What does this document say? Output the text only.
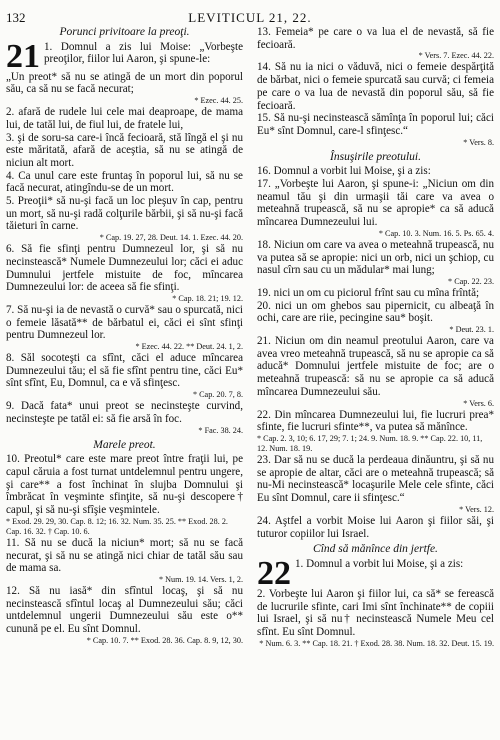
132	LEVITICUL 21, 22.
Porunci privitoare la preoţi.
21 1. Domnul a zis lui Moise: „Vorbeşte preoţilor, fiilor lui Aaron, şi spune-le:

„Un preot* să nu se atingă de un mort din poporul său, ca să nu se facă necurat;

* Ezec. 44. 25.

2. afară de rudele lui cele mai deaproape, de mama lui, de tatăl lui, de fiul lui, de fratele lui,

3. şi de soru-sa care-i încă fecioară, stă lîngă el şi nu este măritată, afară de aceştia, să nu se atingă de niciun alt mort.

4. Ca unul care este fruntaş în poporul lui, să nu se facă necurat, atingîndu-se de un mort.

5. Preoţii* să nu-şi facă un loc pleşuv în cap, pentru un mort, să nu-şi radă colţurile bărbii, şi să nu-şi facă tăieturi în carne.

* Cap. 19. 27, 28. Deut. 14. 1. Ezec. 44. 20.

6. Să fie sfinţi pentru Dumnezeul lor, şi să nu necinstească* Numele Dumnezeului lor; căci ei aduc Dumnului jertfele mistuite de foc, mîncarea Dumnezeului lor: de aceea să fie sfinţi.

* Cap. 18. 21; 19. 12.

7. Să nu-şi ia de nevastă o curvă* sau o spurcată, nici o femeie lăsată** de bărbatul ei, căci ei sînt sfinţi pentru Dumnezeul lor.

* Ezec. 44. 22. ** Deut. 24. 1, 2.

8. Săl socoteşti ca sfînt, căci el aduce mîncarea Dumnezeului tău; el să fie sfînt pentru tine, căci Eu* sînt sfînt, Eu, Domnul, ca e vă sfinţesc.

* Cap. 20. 7, 8.

9. Dacă fata* unui preot se necinsteşte curvind, necinsteşte pe tatăl ei: să fie arsă în foc.

* Fac. 38. 24.
Marele preot.

10. Preotul* care este mare preot între fraţii lui, pe capul căruia a fost turnat untdelemnul pentru ungere, şi care** a fost închinat în slujba Domnului şi îmbrăcat în veşminte sfinţite, să nu-şi descopere† capul, şi să nu-şi sfîşie veşmintele.

* Exod. 29. 29, 30. Cap. 8. 12; 16. 32. Num. 35. 25. ** Exod. 28. 2. Cap. 16. 32. † Cap. 10. 6.

11. Să nu se ducă la niciun* mort; să nu se facă necurat, şi să nu se atingă nici chiar de tatăl său sau de mama sa.

* Num. 19. 14. Vers. 1, 2.

12. Să nu iasă* din sfîntul locaş, şi să nu necinstească sfîntul locaş al Dumnezeului său; căci untdelemnul ungerii Dumnezeului său este o** cunună pe el. Eu sînt Domnul.

* Cap. 10. 7. ** Exod. 28. 36. Cap. 8. 9, 12, 30.

13. Femeia* pe care o va lua el de nevastă, să fie fecioară.

* Vers. 7. Ezec. 44. 22.

14. Să nu ia nici o văduvă, nici o femeie despărţită de bărbat, nici o femeie spurcată sau curvă; ci femeia pe care o va lua de nevastă din poporul său, să fie fecioară.

15. Să nu-şi necinstească sămînţa în poporul lui; căci Eu* sînt Domnul, care-l sfinţesc.“

* Vers. 8.
Însuşirile preotului.

16. Domnul a vorbit lui Moise, şi a zis:

17. „Vorbeşte lui Aaron, şi spune-i: „Niciun om din neamul tău şi din urmaşii tăi care va avea o meteahnă trupească, să nu se apropie* ca să aducă mîncarea Dumnezeului lui.

* Cap. 10. 3. Num. 16. 5. Ps. 65. 4.

18. Niciun om care va avea o meteahnă trupească, nu va putea să se apropie: nici un orb, nici un şchiop, cu nasul cîrn sau cu un mădular* mai lung;

* Cap. 22. 23.

19. nici un om cu piciorul frînt sau cu mîna frîntă;

20. nici un om ghebos sau pipernicit, cu albeaţă în ochi, care are riie, pecingine sau* boşit.

* Deut. 23. 1.

21. Niciun om din neamul preotului Aaron, care va avea vreo meteahnă trupească, să nu se apropie ca să aducă* Domnului jertfele mistuite de foc; are o meteahnă trupească: să nu se apropie ca să aducă mîncarea Dumnezeului său.

* Vers. 6.

22. Din mîncarea Dumnezeului lui, fie lucruri prea* sfinte, fie lucruri sfinte**, va putea să mănînce.

* Cap. 2. 3, 10; 6. 17, 29; 7. 1; 24. 9. Num. 18. 9. ** Cap. 22. 10, 11, 12. Num. 18. 19.

23. Dar să nu se ducă la perdeaua dinăuntru, şi să nu se apropie de altar, căci are o meteahnă trupească; să nu-Mi necinstească* locaşurile Mele cele sfinte, căci Eu sînt Domnul, care ii sfinţesc.“

* Vers. 12.

24. Aştfel a vorbit Moise lui Aaron şi fiilor săi, şi tuturor copiilor lui Israel.

Cînd să mănînce din jertfe.
22 1. Domnul a vorbit lui Moise, şi a zis:

2. Vorbeşte lui Aaron şi fiilor lui, ca să* se ferească de lucrurile sfinte, cari Imi sînt închinate** de copiii lui Israel, şi să nu† necinstească Numele Meu cel sfînt. Eu sînt Domnul.

* Num. 6. 3. ** Cap. 18. 21. † Exod. 28. 38. Num. 18. 32. Deut. 15. 19.
